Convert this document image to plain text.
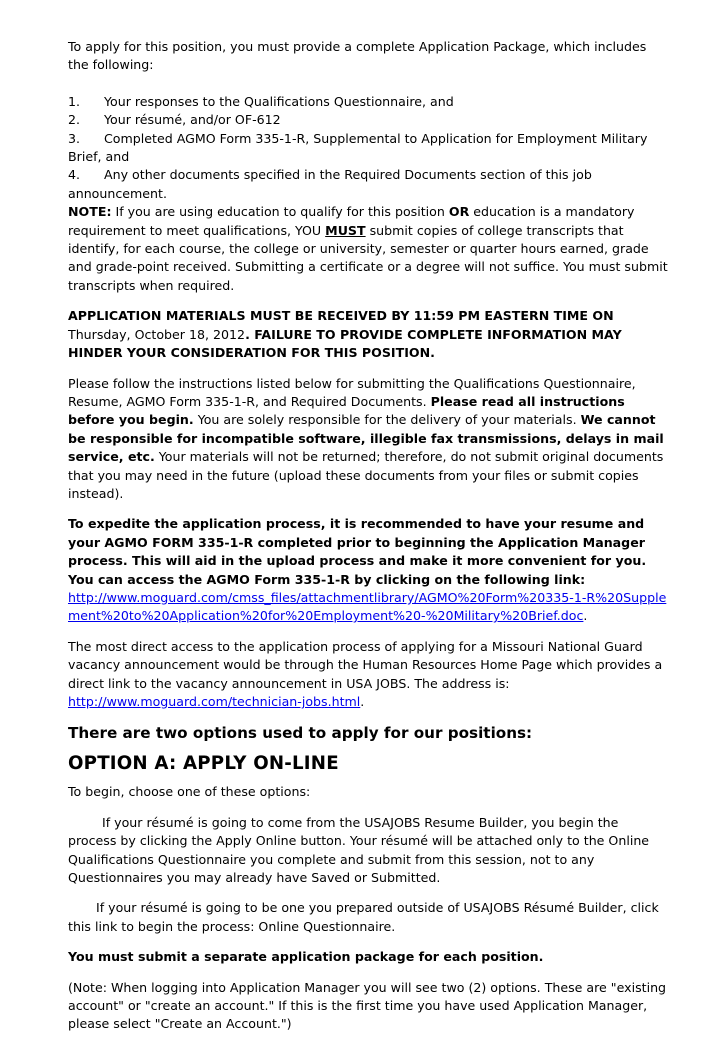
To apply for this position, you must provide a complete Application Package, which includes the following:

1. Your responses to the Qualifications Questionnaire, and
2. Your résumé, and/or OF-612
3. Completed AGMO Form 335-1-R, Supplemental to Application for Employment Military Brief, and
4. Any other documents specified in the Required Documents section of this job announcement.

NOTE: If you are using education to qualify for this position OR education is a mandatory requirement to meet qualifications, YOU MUST submit copies of college transcripts that identify, for each course, the college or university, semester or quarter hours earned, grade and grade-point received. Submitting a certificate or a degree will not suffice. You must submit transcripts when required.

APPLICATION MATERIALS MUST BE RECEIVED BY 11:59 PM EASTERN TIME ON
Thursday, October 18, 2012. FAILURE TO PROVIDE COMPLETE INFORMATION MAY HINDER YOUR CONSIDERATION FOR THIS POSITION.

Please follow the instructions listed below for submitting the Qualifications Questionnaire, Resume, AGMO Form 335-1-R, and Required Documents. Please read all instructions before you begin. You are solely responsible for the delivery of your materials. We cannot be responsible for incompatible software, illegible fax transmissions, delays in mail service, etc. Your materials will not be returned; therefore, do not submit original documents that you may need in the future (upload these documents from your files or submit copies instead).

To expedite the application process, it is recommended to have your resume and your AGMO FORM 335-1-R completed prior to beginning the Application Manager process. This will aid in the upload process and make it more convenient for you. You can access the AGMO Form 335-1-R by clicking on the following link:
http://www.moguard.com/cmss_files/attachmentlibrary/AGMO%20Form%20335-1-R%20Supplement%20to%20Application%20for%20Employment%20-%20Military%20Brief.doc.

The most direct access to the application process of applying for a Missouri National Guard vacancy announcement would be through the Human Resources Home Page which provides a direct link to the vacancy announcement in USA JOBS. The address is: http://www.moguard.com/technician-jobs.html.

There are two options used to apply for our positions:
OPTION A: APPLY ON-LINE

To begin, choose one of these options:

If your résumé is going to come from the USAJOBS Resume Builder, you begin the process by clicking the Apply Online button. Your résumé will be attached only to the Online Qualifications Questionnaire you complete and submit from this session, not to any Questionnaires you may already have Saved or Submitted.

If your résumé is going to be one you prepared outside of USAJOBS Résumé Builder, click this link to begin the process: Online Questionnaire.

You must submit a separate application package for each position.

(Note: When logging into Application Manager you will see two (2) options. These are "existing account" or "create an account." If this is the first time you have used Application Manager, please select "Create an Account.")
